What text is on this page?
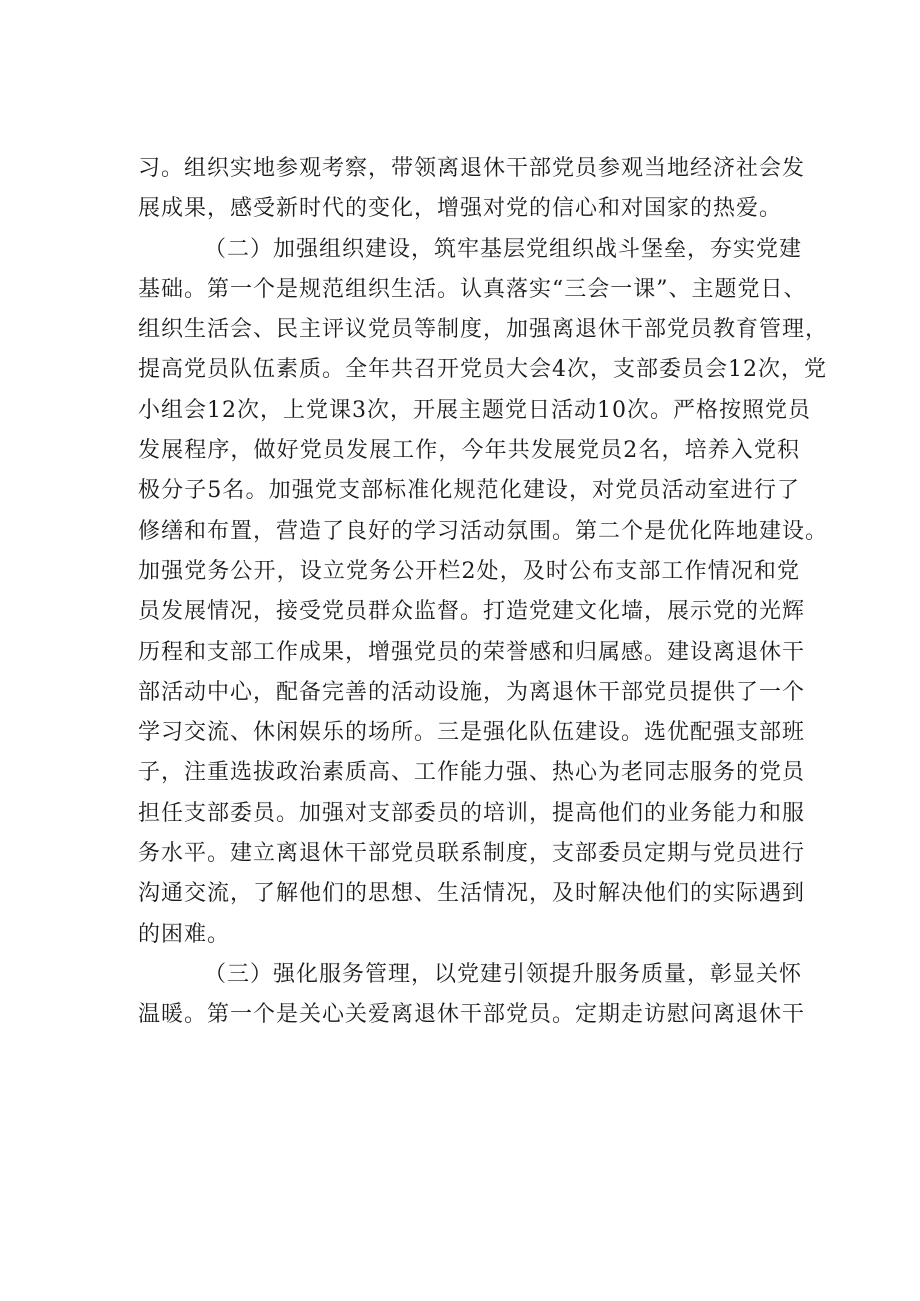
习。组织实地参观考察，带领离退休干部党员参观当地经济社会发
展成果，感受新时代的变化，增强对党的信心和对国家的热爱。
（二）加强组织建设，筑牢基层党组织战斗堡垒，夯实党建
基础。第一个是规范组织生活。认真落实“三会一课”、主题党日、
组织生活会、民主评议党员等制度，加强离退休干部党员教育管理，
提高党员队伍素质。全年共召开党员大会4次，支部委员会12次，党
小组会12次，上党课3次，开展主题党日活动10次。严格按照党员
发展程序，做好党员发展工作，今年共发展党员2名，培养入党积
极分子5名。加强党支部标准化规范化建设，对党员活动室进行了
修缮和布置，营造了良好的学习活动氛围。第二个是优化阵地建设。
加强党务公开，设立党务公开栏2处，及时公布支部工作情况和党
员发展情况，接受党员群众监督。打造党建文化墙，展示党的光辉
历程和支部工作成果，增强党员的荣誉感和归属感。建设离退休干
部活动中心，配备完善的活动设施，为离退休干部党员提供了一个
学习交流、休闲娱乐的场所。三是强化队伍建设。选优配强支部班
子，注重选拔政治素质高、工作能力强、热心为老同志服务的党员
担任支部委员。加强对支部委员的培训，提高他们的业务能力和服
务水平。建立离退休干部党员联系制度，支部委员定期与党员进行
沟通交流，了解他们的思想、生活情况，及时解决他们的实际遇到
的困难。
（三）强化服务管理，以党建引领提升服务质量，彰显关怀
温暖。第一个是关心关爱离退休干部党员。定期走访慰问离退休干
